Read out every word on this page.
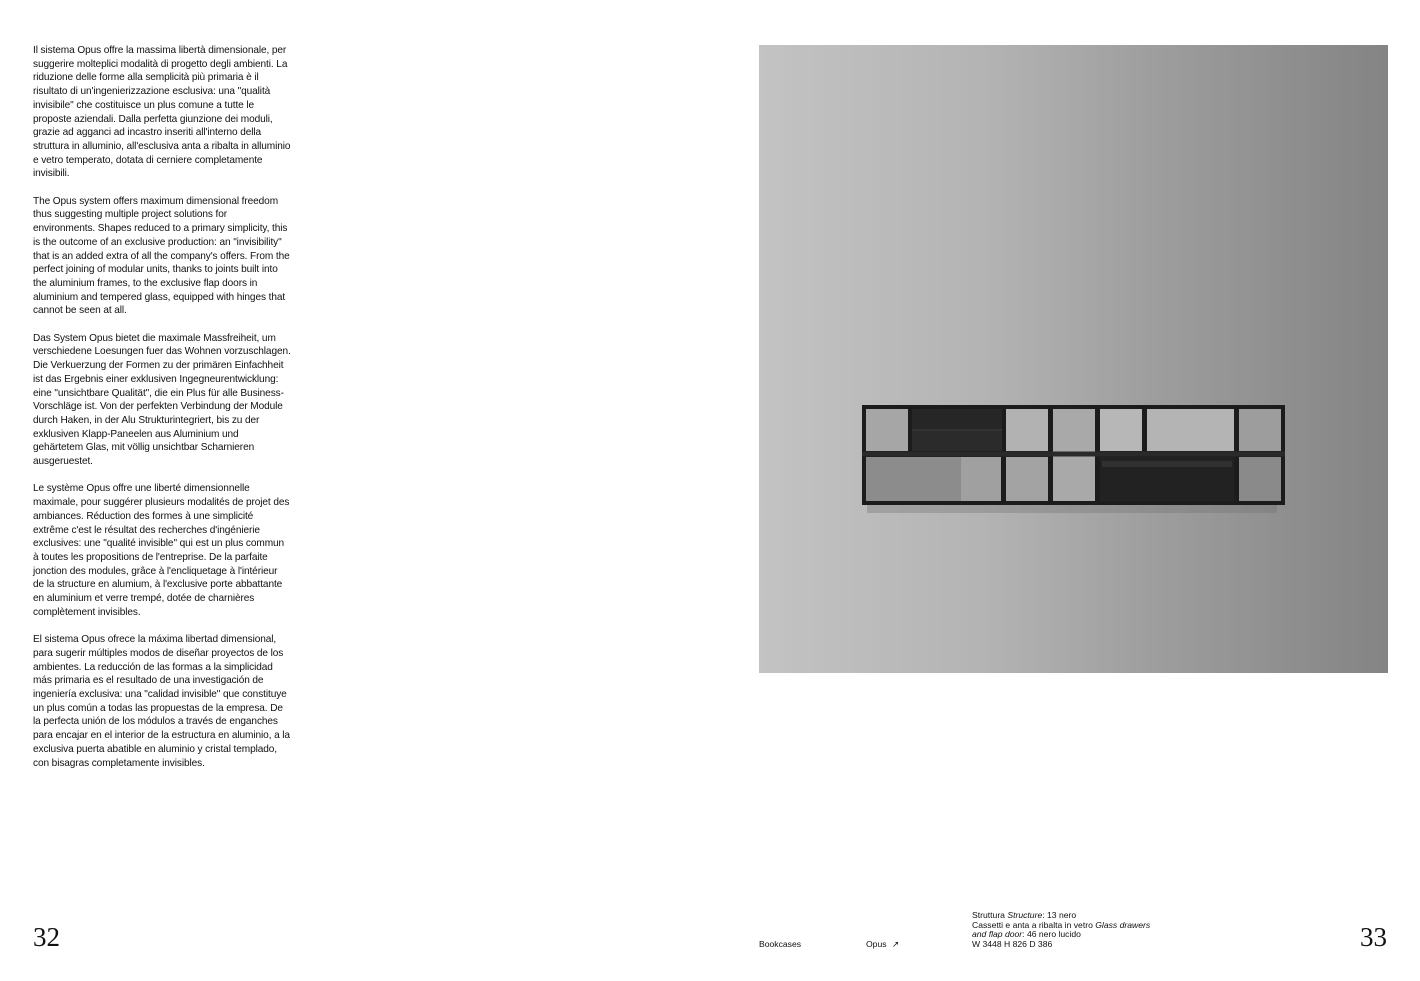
Il sistema Opus offre la massima libertà dimensionale, per suggerire molteplici modalità di progetto degli ambienti. La riduzione delle forme alla semplicità più primaria è il risultato di un'ingenierizzazione esclusiva: una "qualità invisibile" che costituisce un plus comune a tutte le proposte aziendali. Dalla perfetta giunzione dei moduli, grazie ad agganci ad incastro inseriti all'interno della struttura in alluminio, all'esclusiva anta a ribalta in alluminio e vetro temperato, dotata di cerniere completamente invisibili.

The Opus system offers maximum dimensional freedom thus suggesting multiple project solutions for environments. Shapes reduced to a primary simplicity, this is the outcome of an exclusive production: an "invisibility" that is an added extra of all the company's offers. From the perfect joining of modular units, thanks to joints built into the aluminium frames, to the exclusive flap doors in aluminium and tempered glass, equipped with hinges that cannot be seen at all.

Das System Opus bietet die maximale Massfreiheit, um verschiedene Loesungen fuer das Wohnen vorzuschlagen. Die Verkuerzung der Formen zu der primären Einfachheit ist das Ergebnis einer exklusiven Ingegneurentwicklung: eine "unsichtbare Qualität", die ein Plus für alle Business-Vorschläge ist. Von der perfekten Verbindung der Module durch Haken, in der Alu Strukturintegriert, bis zu der exklusiven Klapp-Paneelen aus Aluminium und gehärtetem Glas, mit völlig unsichtbar Scharnieren ausgeruestet.

Le système Opus offre une liberté dimensionnelle maximale, pour suggérer plusieurs modalités de projet des ambiances. Réduction des formes à une simplicité extrême c'est le résultat des recherches d'ingénierie exclusives: une "qualité invisible" qui est un plus commun à toutes les propositions de l'entreprise. De la parfaite jonction des modules, grâce à l'encliquetage à l'intérieur de la structure en alumium, à l'exclusive porte abbattante en aluminium et verre trempé, dotée de charnières complètement invisibles.

El sistema Opus ofrece la máxima libertad dimensional, para sugerir múltiples modos de diseñar proyectos de los ambientes. La reducción de las formas a la simplicidad más primaria es el resultado de una investigación de ingeniería exclusiva: una "calidad invisible" que constituye un plus común a todas las propuestas de la empresa. De la perfecta unión de los módulos a través de enganches para encajar en el interior de la estructura en aluminio, a la exclusiva puerta abatible en aluminio y cristal templado, con bisagras completamente invisibles.

32	Bookcases	Opus ↗
Struttura Structure: 13 nero
Cassetti e anta a ribalta in vetro Glass drawers and flap door: 46 nero lucido
W 3448 H 826 D 386	33
